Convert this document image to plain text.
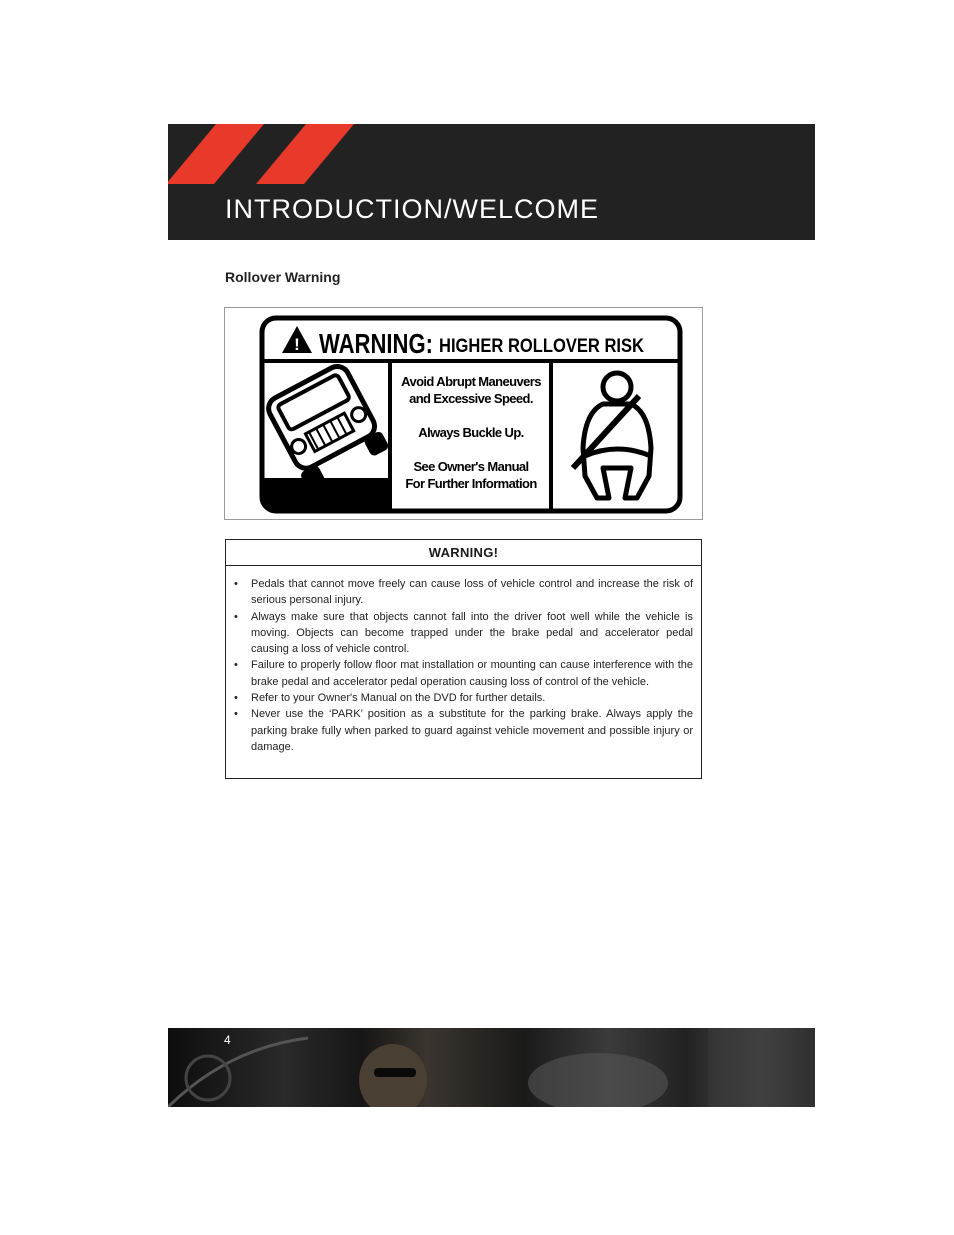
INTRODUCTION/WELCOME
Rollover Warning
! WARNING: HIGHER ROLLOVER RISK
Avoid Abrupt Maneuvers
and Excessive Speed.
Always Buckle Up.
See Owner's Manual
For Further Information
WARNING!
• Pedals that cannot move freely can cause loss of vehicle control and increase the risk of serious personal injury.
• Always make sure that objects cannot fall into the driver foot well while the vehicle is moving. Objects can become trapped under the brake pedal and accelerator pedal causing a loss of vehicle control.
• Failure to properly follow floor mat installation or mounting can cause interference with the brake pedal and accelerator pedal operation causing loss of control of the vehicle.
• Refer to your Owner's Manual on the DVD for further details.
• Never use the ‘PARK’ position as a substitute for the parking brake. Always apply the parking brake fully when parked to guard against vehicle movement and possible injury or damage.
4
